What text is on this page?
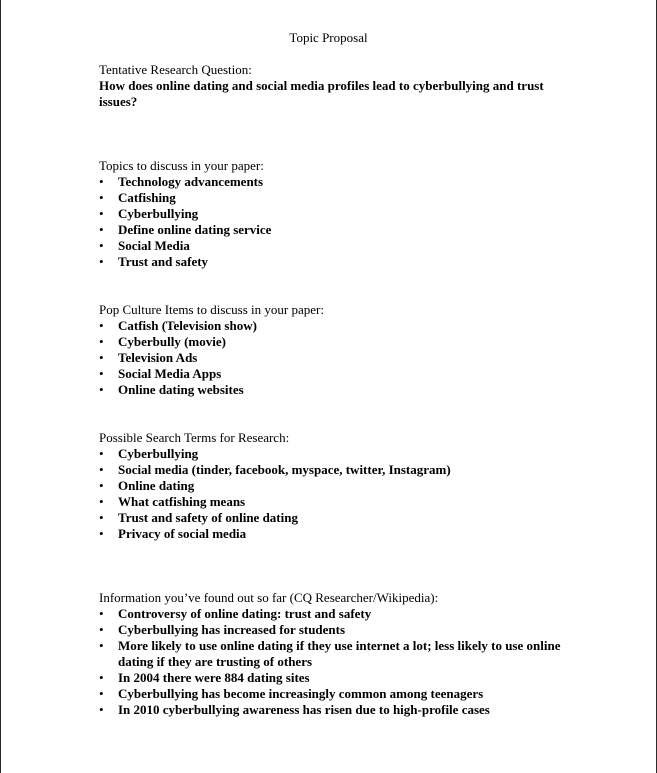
Topic Proposal

Tentative Research Question:

How does online dating and social media profiles lead to cyberbullying and trust
issues?

Topics to discuss in your paper:

• Technology advancements
• Catfishing
• Cyberbullying
• Define online dating service
• Social Media
• Trust and safety

Pop Culture Items to discuss in your paper:

• Catfish (Television show)
• Cyberbully (movie)
• Television Ads
• Social Media Apps
• Online dating websites

Possible Search Terms for Research:

• Cyberbullying
• Social media (tinder, facebook, myspace, twitter, Instagram)
• Online dating
• What catfishing means
• Trust and safety of online dating
• Privacy of social media

Information you’ve found out so far (CQ Researcher/Wikipedia):

• Controversy of online dating: trust and safety
• Cyberbullying has increased for students
• More likely to use online dating if they use internet a lot; less likely to use online
dating if they are trusting of others
• In 2004 there were 884 dating sites
• Cyberbullying has become increasingly common among teenagers
• In 2010 cyberbullying awareness has risen due to high-profile cases
